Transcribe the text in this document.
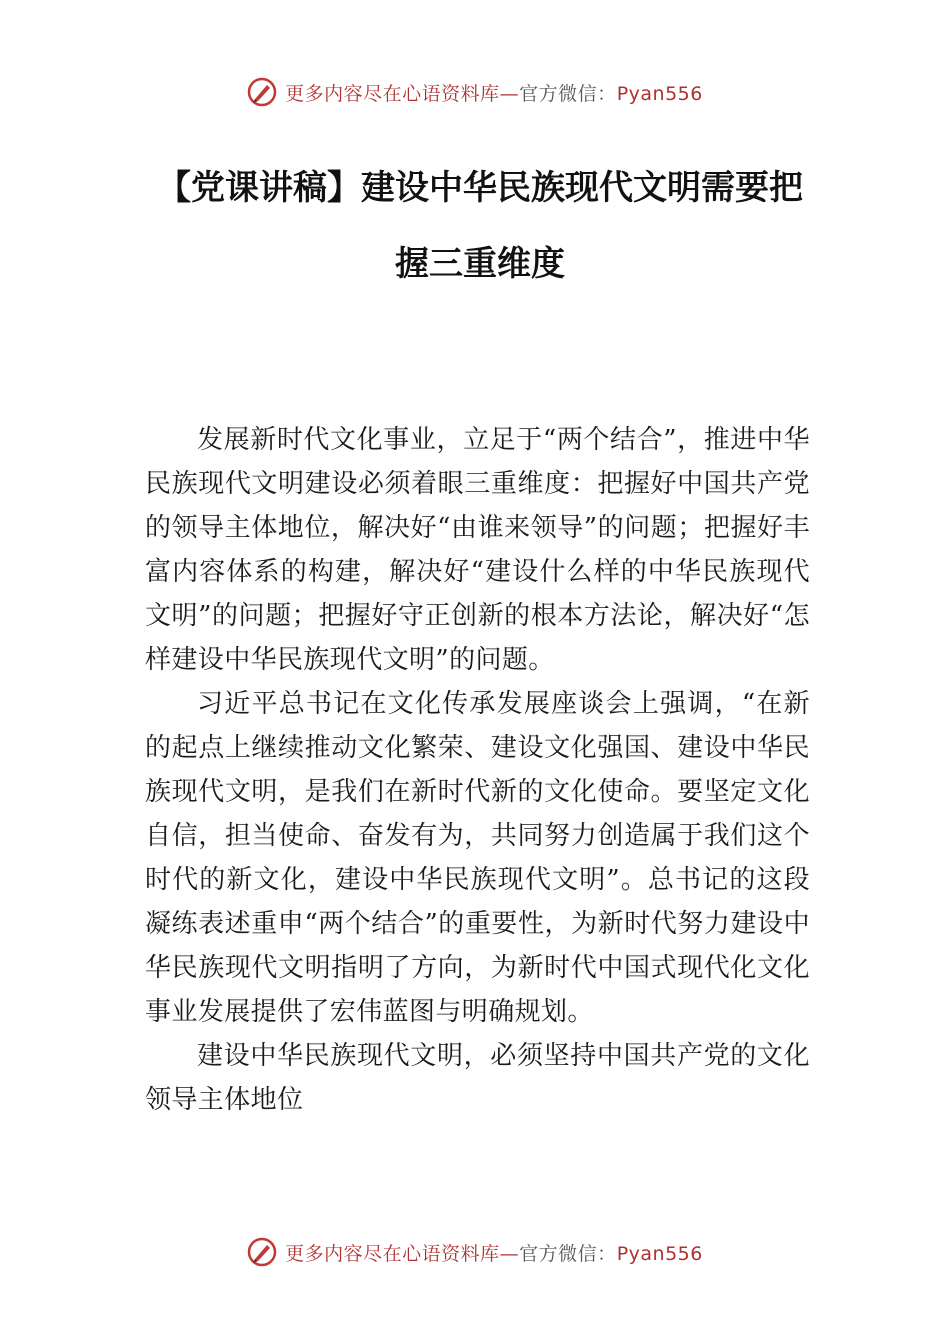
更多内容尽在心语资料库—官方微信：Pyan556
【党课讲稿】建设中华民族现代文明需要把
握三重维度

发展新时代文化事业，立足于“两个结合”，推进中华民族现代文明建设必须着眼三重维度：把握好中国共产党的领导主体地位，解决好“由谁来领导”的问题；把握好丰富内容体系的构建，解决好“建设什么样的中华民族现代文明”的问题；把握好守正创新的根本方法论，解决好“怎样建设中华民族现代文明”的问题。

习近平总书记在文化传承发展座谈会上强调，“在新的起点上继续推动文化繁荣、建设文化强国、建设中华民族现代文明，是我们在新时代新的文化使命。要坚定文化自信，担当使命、奋发有为，共同努力创造属于我们这个时代的新文化，建设中华民族现代文明”。总书记的这段凝练表述重申“两个结合”的重要性，为新时代努力建设中华民族现代文明指明了方向，为新时代中国式现代化文化事业发展提供了宏伟蓝图与明确规划。

建设中华民族现代文明，必须坚持中国共产党的文化领导主体地位

更多内容尽在心语资料库—官方微信：Pyan556
